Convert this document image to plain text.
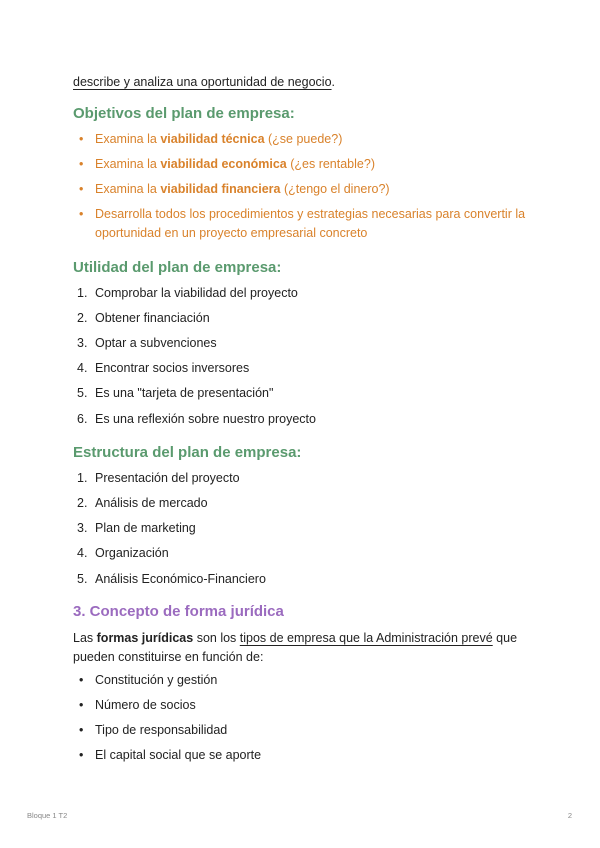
describe y analiza una oportunidad de negocio.
Objetivos del plan de empresa:
• Examina la viabilidad técnica (¿se puede?)
• Examina la viabilidad económica (¿es rentable?)
• Examina la viabilidad financiera (¿tengo el dinero?)
• Desarrolla todos los procedimientos y estrategias necesarias para convertir la oportunidad en un proyecto empresarial concreto
Utilidad del plan de empresa:
1. Comprobar la viabilidad del proyecto
2. Obtener financiación
3. Optar a subvenciones
4. Encontrar socios inversores
5. Es una "tarjeta de presentación"
6. Es una reflexión sobre nuestro proyecto
Estructura del plan de empresa:
1. Presentación del proyecto
2. Análisis de mercado
3. Plan de marketing
4. Organización
5. Análisis Económico-Financiero
3. Concepto de forma jurídica
Las formas jurídicas son los tipos de empresa que la Administración prevé que pueden constituirse en función de:
• Constitución y gestión
• Número de socios
• Tipo de responsabilidad
• El capital social que se aporte
Bloque 1 T2	2
